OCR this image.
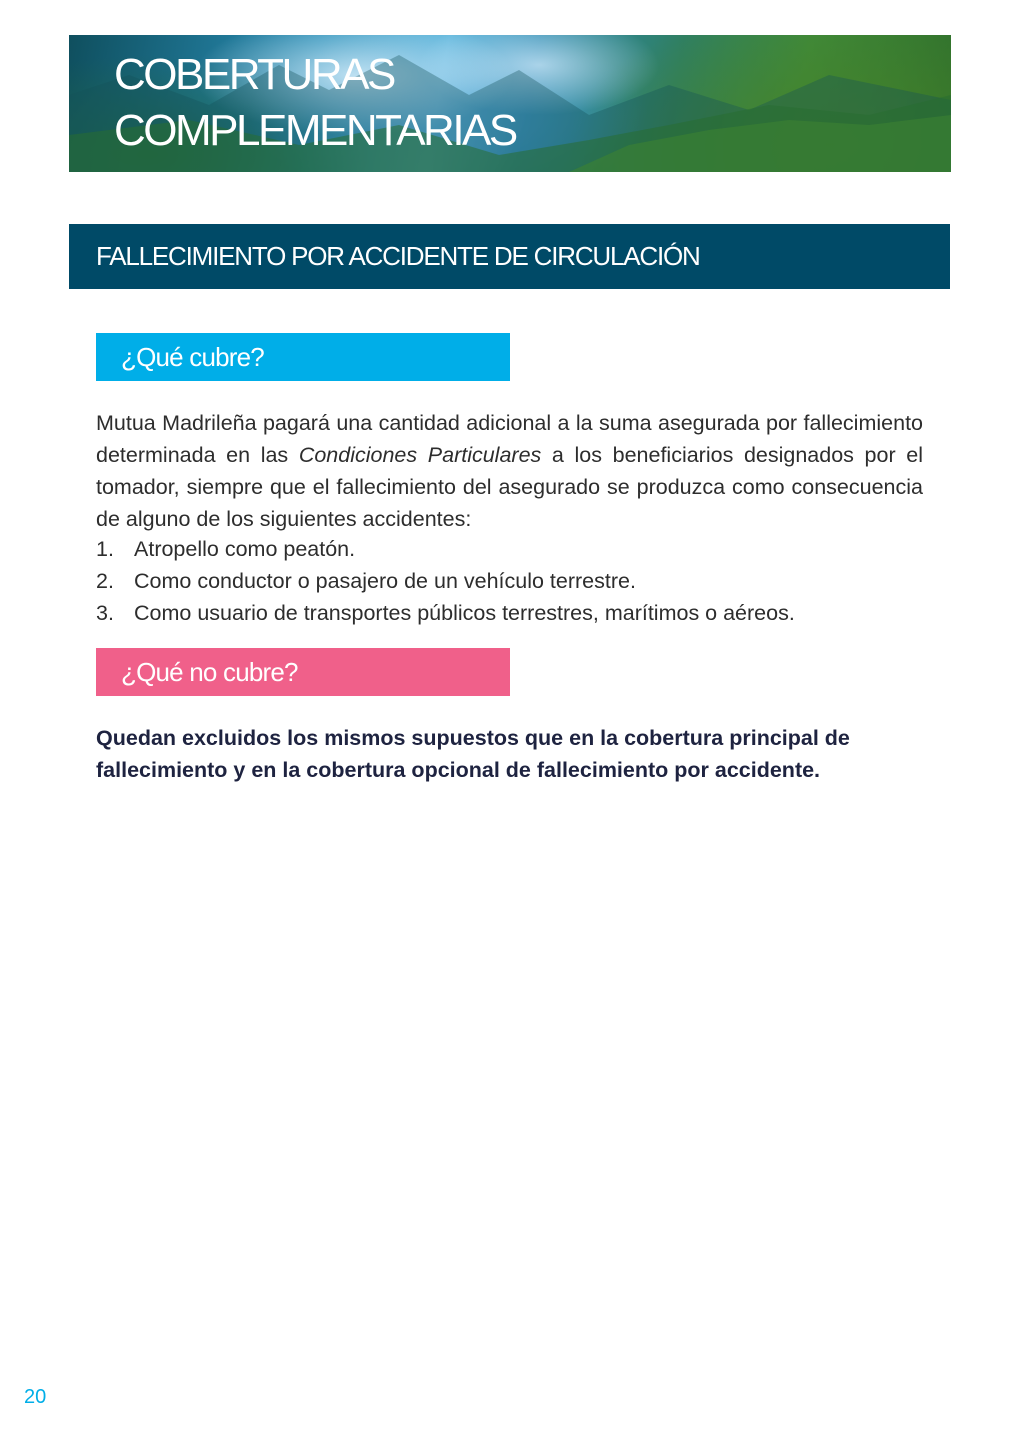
COBERTURAS
COMPLEMENTARIAS
FALLECIMIENTO POR ACCIDENTE DE CIRCULACIÓN
¿Qué cubre?

Mutua Madrileña pagará una cantidad adicional a la suma asegurada por fallecimiento determinada en las Condiciones Particulares a los beneficiarios designados por el tomador, siempre que el fallecimiento del asegurado se produzca como consecuencia de alguno de los siguientes accidentes:

1. Atropello como peatón.
2. Como conductor o pasajero de un vehículo terrestre.
3. Como usuario de transportes públicos terrestres, marítimos o aéreos.
¿Qué no cubre?

Quedan excluidos los mismos supuestos que en la cobertura principal de fallecimiento y en la cobertura opcional de fallecimiento por accidente.

20
